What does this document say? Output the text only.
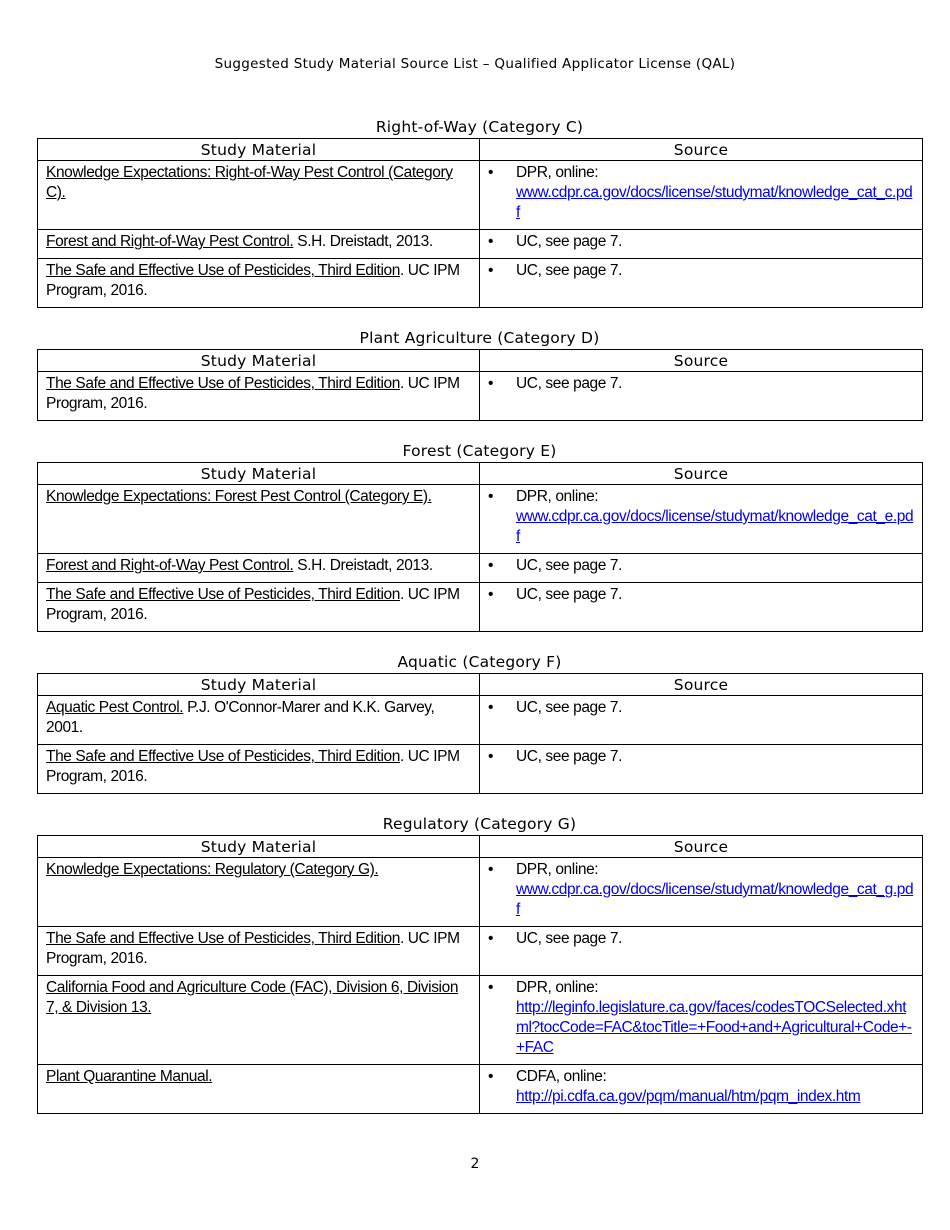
Suggested Study Material Source List – Qualified Applicator License (QAL)
Right-of-Way (Category C)
Study Material	Source
Knowledge Expectations: Right-of-Way Pest Control (Category C).	• DPR, online:
www.cdpr.ca.gov/docs/license/studymat/knowledge_cat_c.pdf

Forest and Right-of-Way Pest Control. S.H. Dreistadt, 2013.	• UC, see page 7.

The Safe and Effective Use of Pesticides, Third Edition. UC IPM Program, 2016.	• UC, see page 7.
Plant Agriculture (Category D)
Study Material	Source
The Safe and Effective Use of Pesticides, Third Edition. UC IPM Program, 2016.	• UC, see page 7.
Forest (Category E)
Study Material	Source
Knowledge Expectations: Forest Pest Control (Category E).	• DPR, online:
www.cdpr.ca.gov/docs/license/studymat/knowledge_cat_e.pdf

Forest and Right-of-Way Pest Control. S.H. Dreistadt, 2013.	• UC, see page 7.

The Safe and Effective Use of Pesticides, Third Edition. UC IPM Program, 2016.	• UC, see page 7.
Aquatic (Category F)
Study Material	Source
Aquatic Pest Control. P.J. O'Connor-Marer and K.K. Garvey, 2001.	• UC, see page 7.

The Safe and Effective Use of Pesticides, Third Edition. UC IPM Program, 2016.	• UC, see page 7.
Regulatory (Category G)
Study Material	Source
Knowledge Expectations: Regulatory (Category G).	• DPR, online:
www.cdpr.ca.gov/docs/license/studymat/knowledge_cat_g.pdf

The Safe and Effective Use of Pesticides, Third Edition. UC IPM Program, 2016.	• UC, see page 7.

California Food and Agriculture Code (FAC), Division 6, Division 7, & Division 13.	• DPR, online:
http://leginfo.legislature.ca.gov/faces/codesTOCSelected.xhtml?tocCode=FAC&tocTitle=+Food+and+Agricultural+Code+-+FAC

Plant Quarantine Manual.	• CDFA, online:
http://pi.cdfa.ca.gov/pqm/manual/htm/pqm_index.htm
2
